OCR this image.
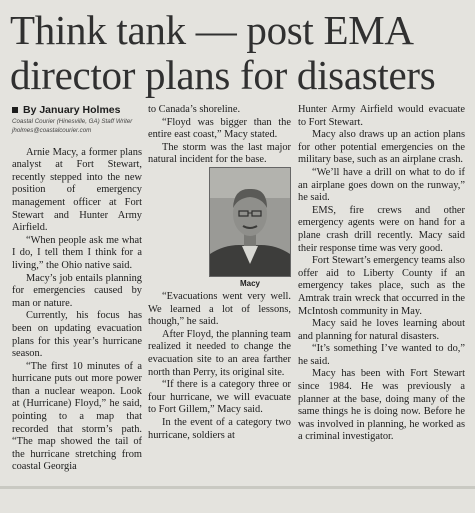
Think tank — post EMA
director plans for disasters

By January Holmes

Coastal Courier (Hinesville, GA) Staff Writer

jholmes@coastalcourier.com

Arnie Macy, a former plans analyst at Fort Stewart, recently stepped into the new position of emergency management officer at Fort Stewart and Hunter Army Airfield.

“When people ask me what I do, I tell them I think for a living,” the Ohio native said.

Macy’s job entails planning for emergencies caused by man or nature.

Currently, his focus has been on updating evacuation plans for this year’s hurricane season.

“The first 10 minutes of a hurricane puts out more power than a nuclear weapon. Look at (Hurricane) Floyd,” he said, pointing to a map that recorded that storm’s path. “The map showed the tail of the hurricane stretching from coastal Georgia

to Canada’s shoreline.

“Floyd was bigger than the entire east coast,” Macy stated.

The storm was the last major natural incident for the base.

Macy

“Evacuations went very well. We learned a lot of lessons, though,” he said.

After Floyd, the planning team realized it needed to change the evacuation site to an area farther north than Perry, its original site.

“If there is a category three or four hurricane, we will evacuate to Fort Gillem,” Macy said.

In the event of a category two hurricane, soldiers at

Hunter Army Airfield would evacuate to Fort Stewart.

Macy also draws up an action plans for other potential emergencies on the military base, such as an airplane crash.

“We’ll have a drill on what to do if an airplane goes down on the runway,” he said.

EMS, fire crews and other emergency agents were on hand for a plane crash drill recently. Macy said their response time was very good.

Fort Stewart’s emergency teams also offer aid to Liberty County if an emergency takes place, such as the Amtrak train wreck that occurred in the McIntosh community in May.

Macy said he loves learning about and planning for natural disasters.

“It’s something I’ve wanted to do,” he said.

Macy has been with Fort Stewart since 1984. He was previously a planner at the base, doing many of the same things he is doing now. Before he was involved in planning, he worked as a criminal investigator.
